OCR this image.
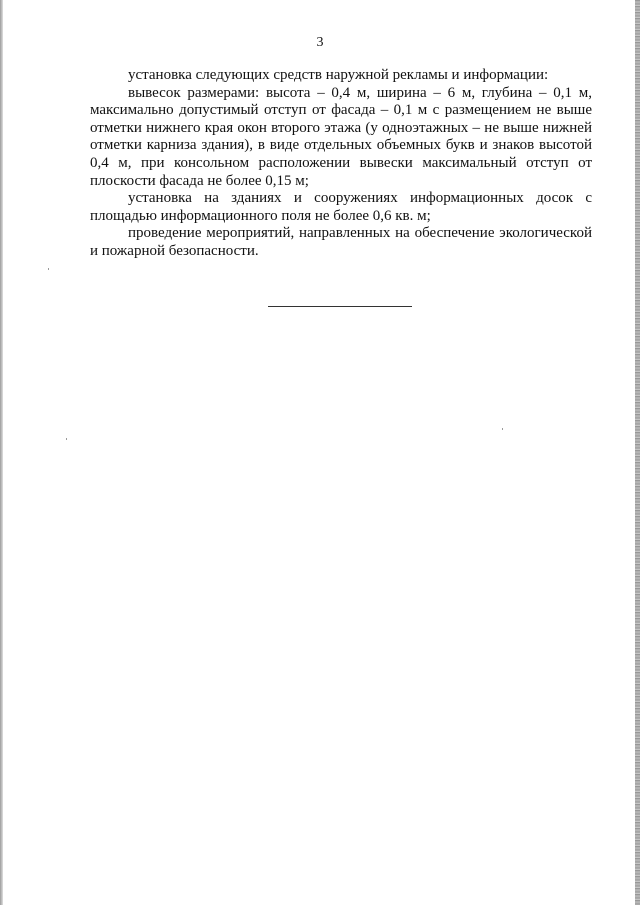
3

установка следующих средств наружной рекламы и информации:

вывесок размерами: высота – 0,4 м, ширина – 6 м, глубина – 0,1 м, максимально допустимый отступ от фасада – 0,1 м с размещением не выше отметки нижнего края окон второго этажа (у одноэтажных – не выше нижней отметки карниза здания), в виде отдельных объемных букв и знаков высотой 0,4 м, при консольном расположении вывески максимальный отступ от плоскости фасада не более 0,15 м;

установка на зданиях и сооружениях информационных досок с площадью информационного поля не более 0,6 кв. м;

проведение мероприятий, направленных на обеспечение экологической и пожарной безопасности.
